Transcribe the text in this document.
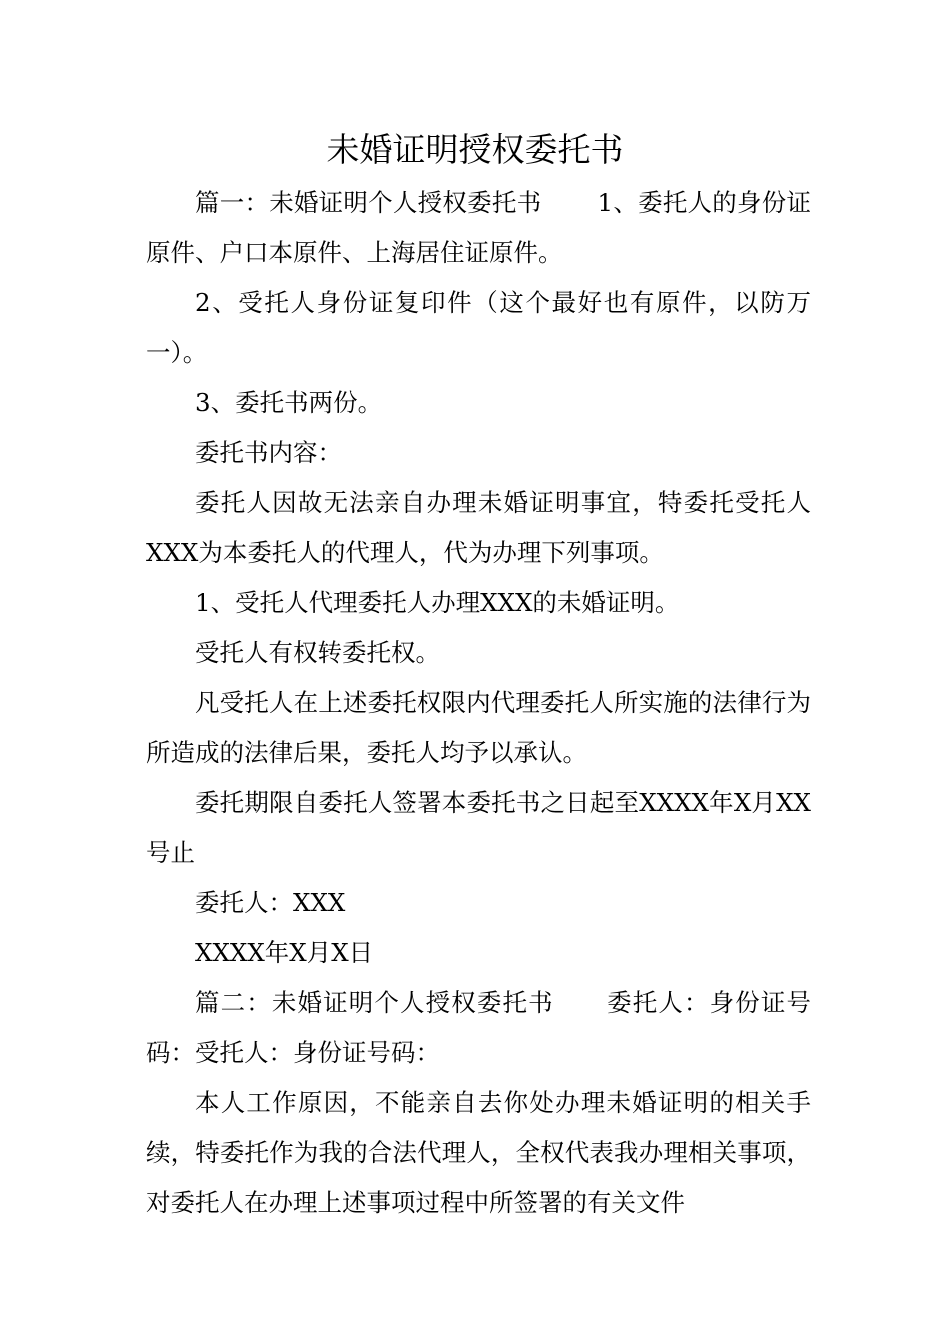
未婚证明授权委托书

篇一：未婚证明个人授权委托书 1、委托人的身份证原件、户口本原件、上海居住证原件。

2、受托人身份证复印件（这个最好也有原件，以防万一）。

3、委托书两份。

委托书内容：

委托人因故无法亲自办理未婚证明事宜，特委托受托人XXX为本委托人的代理人，代为办理下列事项。

1、受托人代理委托人办理XXX的未婚证明。

受托人有权转委托权。

凡受托人在上述委托权限内代理委托人所实施的法律行为所造成的法律后果，委托人均予以承认。

委托期限自委托人签署本委托书之日起至XXXX年X月XX号止

委托人：XXX

XXXX年X月X日

篇二：未婚证明个人授权委托书 委托人：身份证号码：受托人：身份证号码：

本人工作原因，不能亲自去你处办理未婚证明的相关手续，特委托作为我的合法代理人，全权代表我办理相关事项，对委托人在办理上述事项过程中所签署的有关文件
